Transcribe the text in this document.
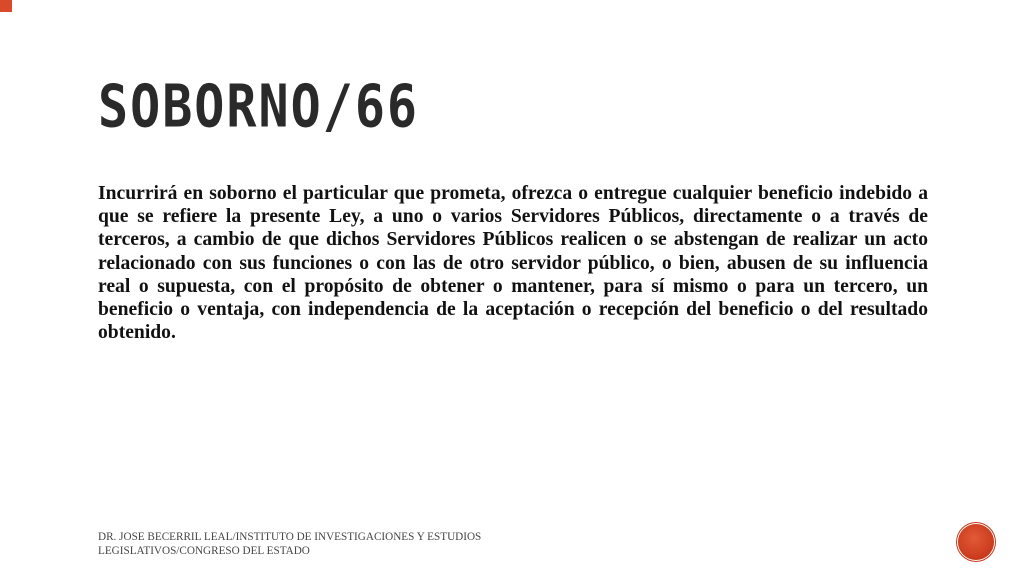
SOBORNO/66

Incurrirá en soborno el particular que prometa, ofrezca o entregue cualquier beneficio indebido a que se refiere la presente Ley, a uno o varios Servidores Públicos, directamente o a través de terceros, a cambio de que dichos Servidores Públicos realicen o se abstengan de realizar un acto relacionado con sus funciones o con las de otro servidor público, o bien, abusen de su influencia real o supuesta, con el propósito de obtener o mantener, para sí mismo o para un tercero, un beneficio o ventaja, con independencia de la aceptación o recepción del beneficio o del resultado obtenido.

DR. JOSE BECERRIL LEAL/INSTITUTO DE INVESTIGACIONES Y ESTUDIOS LEGISLATIVOS/CONGRESO DEL ESTADO
